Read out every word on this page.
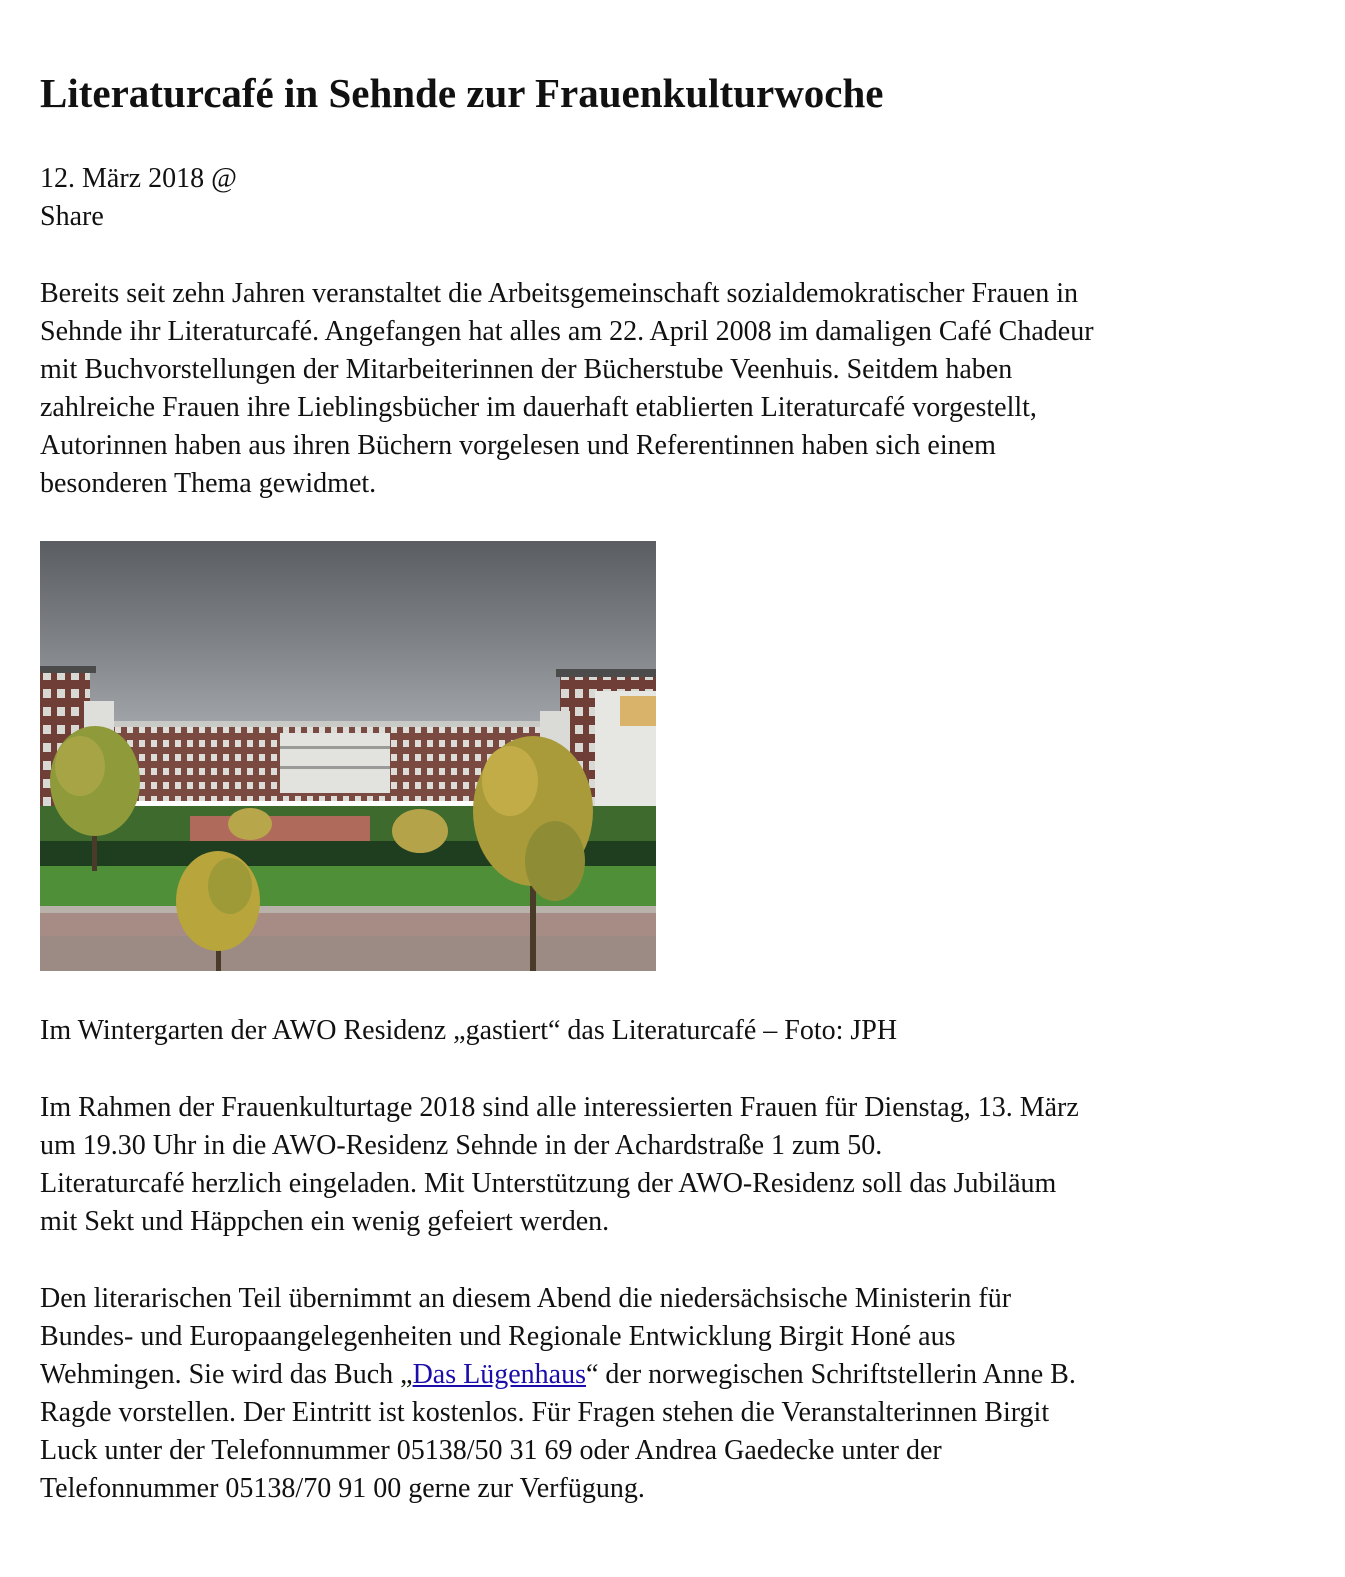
Literaturcafé in Sehnde zur Frauenkulturwoche
12. März 2018 @
Share

Bereits seit zehn Jahren veranstaltet die Arbeitsgemeinschaft sozialdemokratischer Frauen in
Sehnde ihr Literaturcafé. Angefangen hat alles am 22. April 2008 im damaligen Café Chadeur
mit Buchvorstellungen der Mitarbeiterinnen der Bücherstube Veenhuis. Seitdem haben
zahlreiche Frauen ihre Lieblingsbücher im dauerhaft etablierten Literaturcafé vorgestellt,
Autorinnen haben aus ihren Büchern vorgelesen und Referentinnen haben sich einem
besonderen Thema gewidmet.

Im Wintergarten der AWO Residenz „gastiert“ das Literaturcafé – Foto: JPH

Im Rahmen der Frauenkulturtage 2018 sind alle interessierten Frauen für Dienstag, 13. März
um 19.30 Uhr in die AWO-Residenz Sehnde in der Achardstraße 1 zum 50.
Literaturcafé herzlich eingeladen. Mit Unterstützung der AWO-Residenz soll das Jubiläum
mit Sekt und Häppchen ein wenig gefeiert werden.

Den literarischen Teil übernimmt an diesem Abend die niedersächsische Ministerin für
Bundes- und Europaangelegenheiten und Regionale Entwicklung Birgit Honé aus
Wehmingen. Sie wird das Buch „Das Lügenhaus“ der norwegischen Schriftstellerin Anne B.
Ragde vorstellen. Der Eintritt ist kostenlos. Für Fragen stehen die Veranstalterinnen Birgit
Luck unter der Telefonnummer 05138/50 31 69 oder Andrea Gaedecke unter der
Telefonnummer 05138/70 91 00 gerne zur Verfügung.
